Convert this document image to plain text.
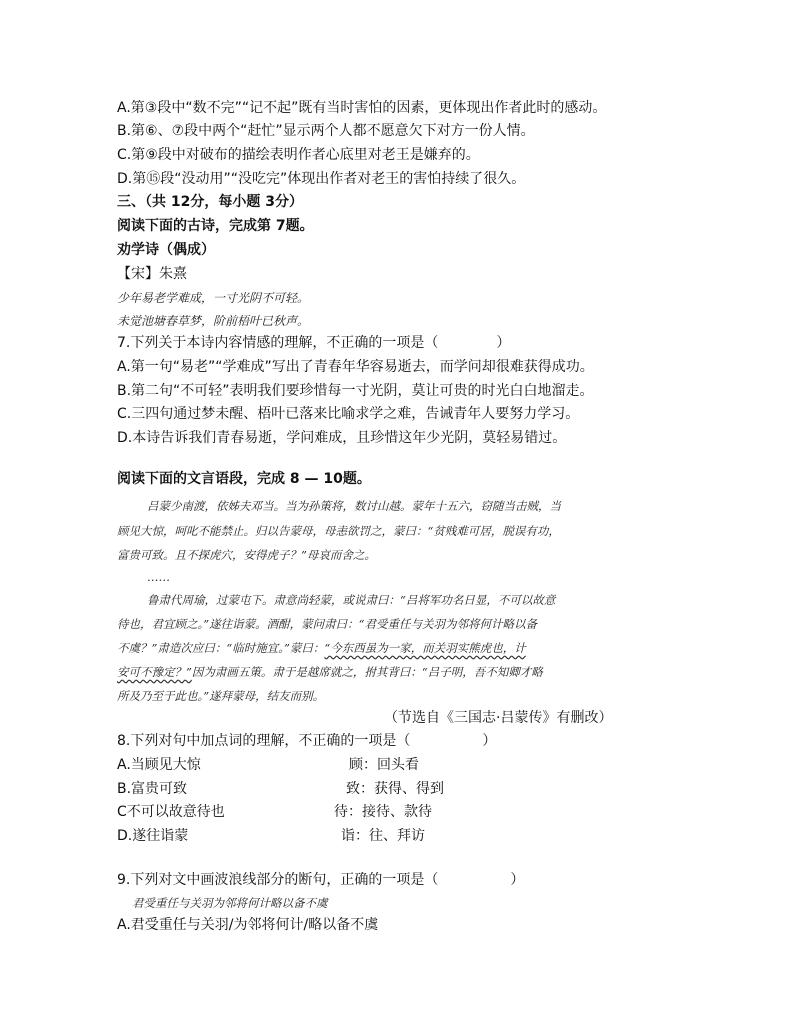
A.第③段中“数不完”“记不起”既有当时害怕的因素，更体现出作者此时的感动。
B.第⑥、⑦段中两个“赶忙”显示两个人都不愿意欠下对方一份人情。
C.第⑨段中对破布的描绘表明作者心底里对老王是嫌弃的。
D.第⑮段“没动用”“没吃完”体现出作者对老王的害怕持续了很久。
三、（共 12分，每小题 3分）
阅读下面的古诗，完成第 7题。
劝学诗（偶成）
【宋】朱熹
少年易老学难成，一寸光阴不可轻。
未觉池塘春草梦，阶前梧叶已秋声。
7.下列关于本诗内容情感的理解，不正确的一项是（	）
A.第一句“易老”“学难成”写出了青春年华容易逝去，而学问却很难获得成功。
B.第二句“不可轻”表明我们要珍惜每一寸光阴，莫让可贵的时光白白地溜走。
C.三四句通过梦未醒、梧叶已落来比喻求学之难，告诫青年人要努力学习。
D.本诗告诉我们青春易逝，学问难成，且珍惜这年少光阴，莫轻易错过。
阅读下面的文言语段，完成 8 — 10题。
吕蒙少南渡，依姊夫邓当。当为孙策将，数讨山越。蒙年十五六，窃随当击贼，当
顾见大惊，呵叱不能禁止。归以告蒙母，母恚欲罚之，蒙曰：“贫贱难可居，脱误有功，
富贵可致。且不探虎穴，安得虎子？”母哀而舍之。
……
鲁肃代周瑜，过蒙屯下。肃意尚轻蒙，或说肃曰：“吕将军功名日显，不可以故意
待也，君宜顾之。”遂往诣蒙。酒酣，蒙问肃曰：“君受重任与关羽为邻将何计略以备
不虞？”肃造次应曰：“临时施宜。”蒙曰：“今东西虽为一家，而关羽实熊虎也，计
安可不豫定？”因为肃画五策。肃于是越席就之，拊其背曰：“吕子明，吾不知卿才略
所及乃至于此也。”遂拜蒙母，结友而别。
（节选自《三国志·吕蒙传》有删改）
8.下列对句中加点词的理解，不正确的一项是（	）
A.当顾见大惊	顾：回头看
B.富贵可致	致：获得、得到
C不可以故意待也	待：接待、款待
D.遂往诣蒙	诣：往、拜访
9.下列对文中画波浪线部分的断句，正确的一项是（	）
君受重任与关羽为邻将何计略以备不虞
A.君受重任与关羽/为邻将何计/略以备不虞
